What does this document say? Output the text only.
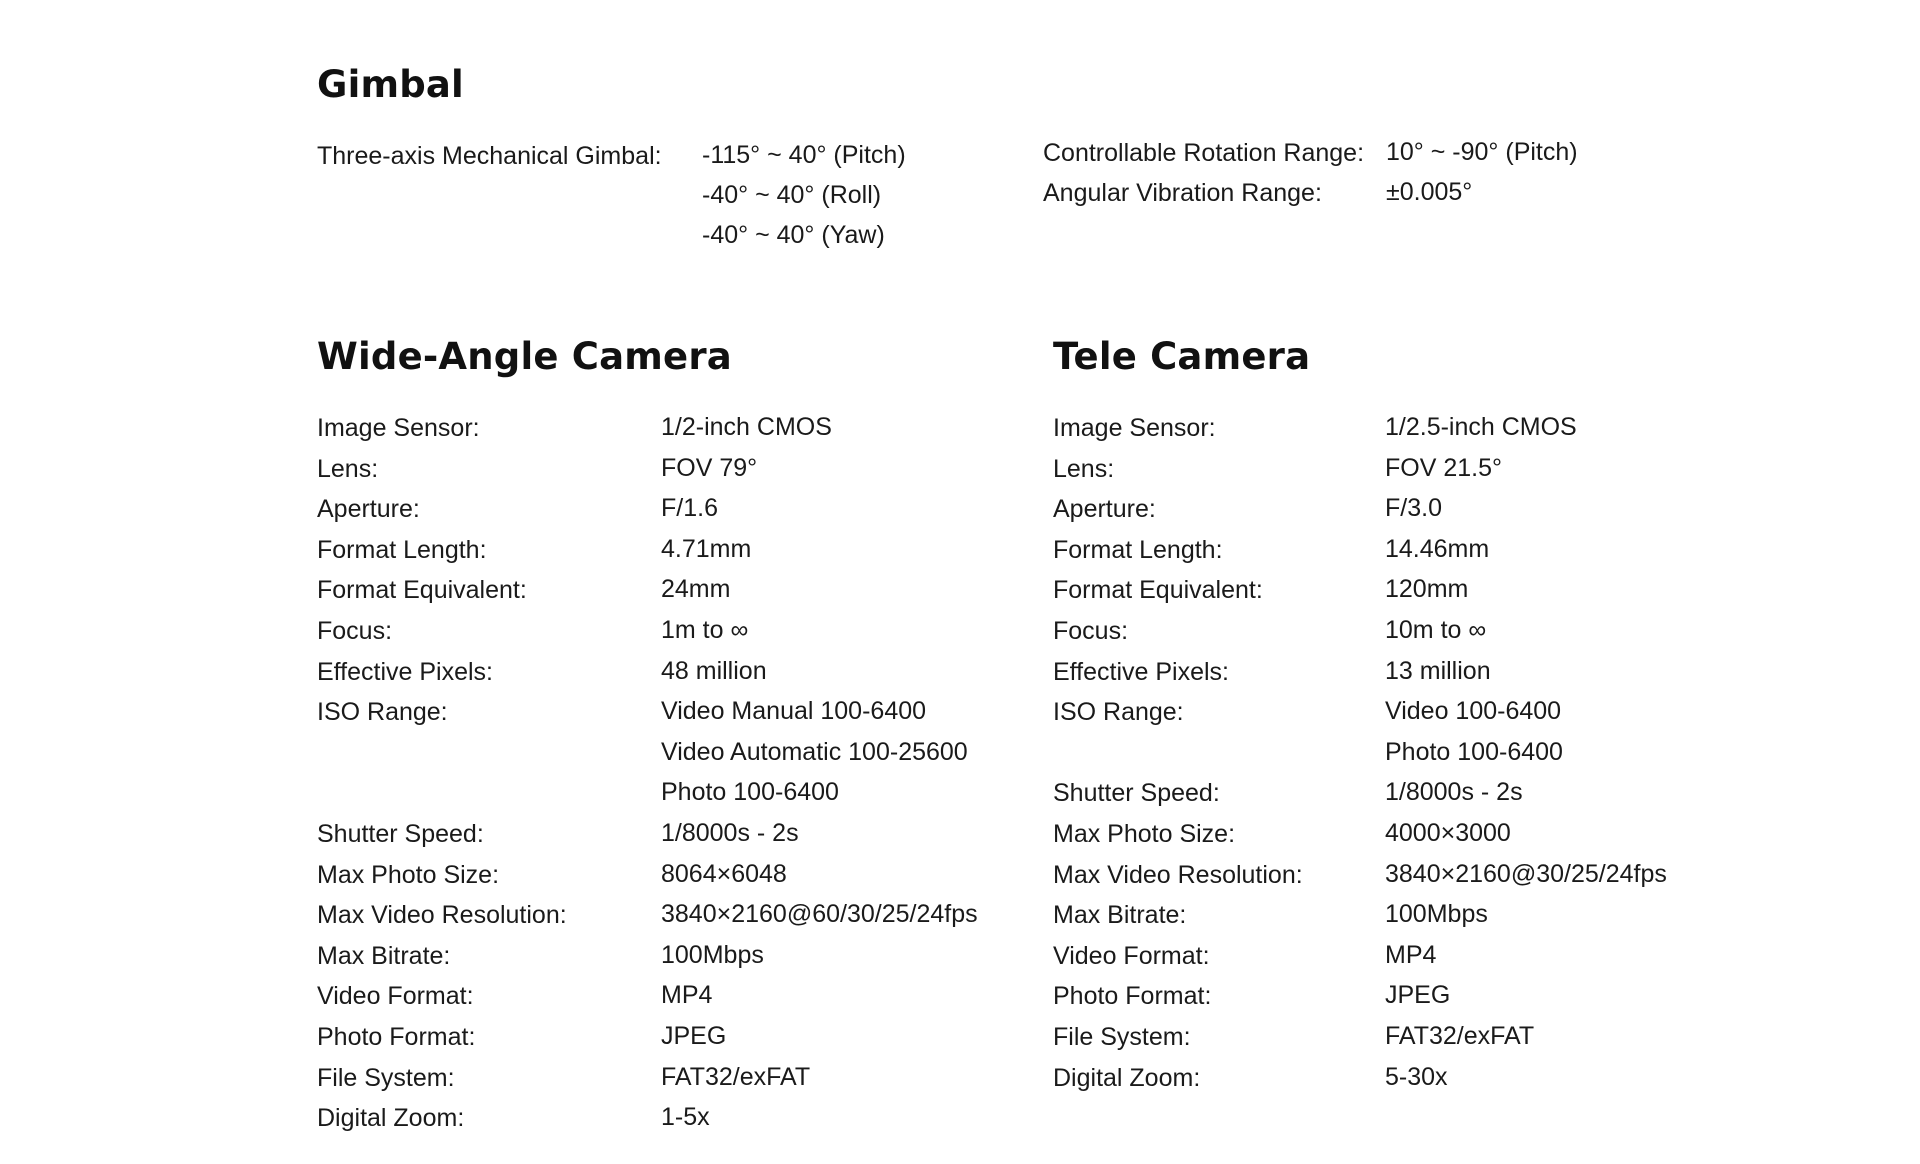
Gimbal
Three-axis Mechanical Gimbal: -115° ~ 40° (Pitch)
-40° ~ 40° (Roll)
-40° ~ 40° (Yaw)
Controllable Rotation Range: 10° ~ -90° (Pitch)
Angular Vibration Range:	±0.005°
Wide-Angle Camera
Image Sensor:	1/2-inch CMOS
Lens:	FOV 79°
Aperture:	F/1.6
Format Length:	4.71mm
Format Equivalent:	24mm
Focus:	1m to ∞
Effective Pixels:	48 million
ISO Range:	Video Manual 100-6400
Video Automatic 100-25600
Photo 100-6400
Shutter Speed:	1/8000s - 2s
Max Photo Size:	8064×6048
Max Video Resolution:	3840×2160@60/30/25/24fps
Max Bitrate:	100Mbps
Video Format:	MP4
Photo Format:	JPEG
File System:	FAT32/exFAT
Digital Zoom:	1-5x
Tele Camera
Image Sensor:	1/2.5-inch CMOS
Lens:	FOV 21.5°
Aperture:	F/3.0
Format Length:	14.46mm
Format Equivalent:	120mm
Focus:	10m to ∞
Effective Pixels:	13 million
ISO Range:	Video 100-6400
Photo 100-6400
Shutter Speed:	1/8000s - 2s
Max Photo Size:	4000×3000
Max Video Resolution:	3840×2160@30/25/24fps
Max Bitrate:	100Mbps
Video Format:	MP4
Photo Format:	JPEG
File System:	FAT32/exFAT
Digital Zoom:	5-30x
